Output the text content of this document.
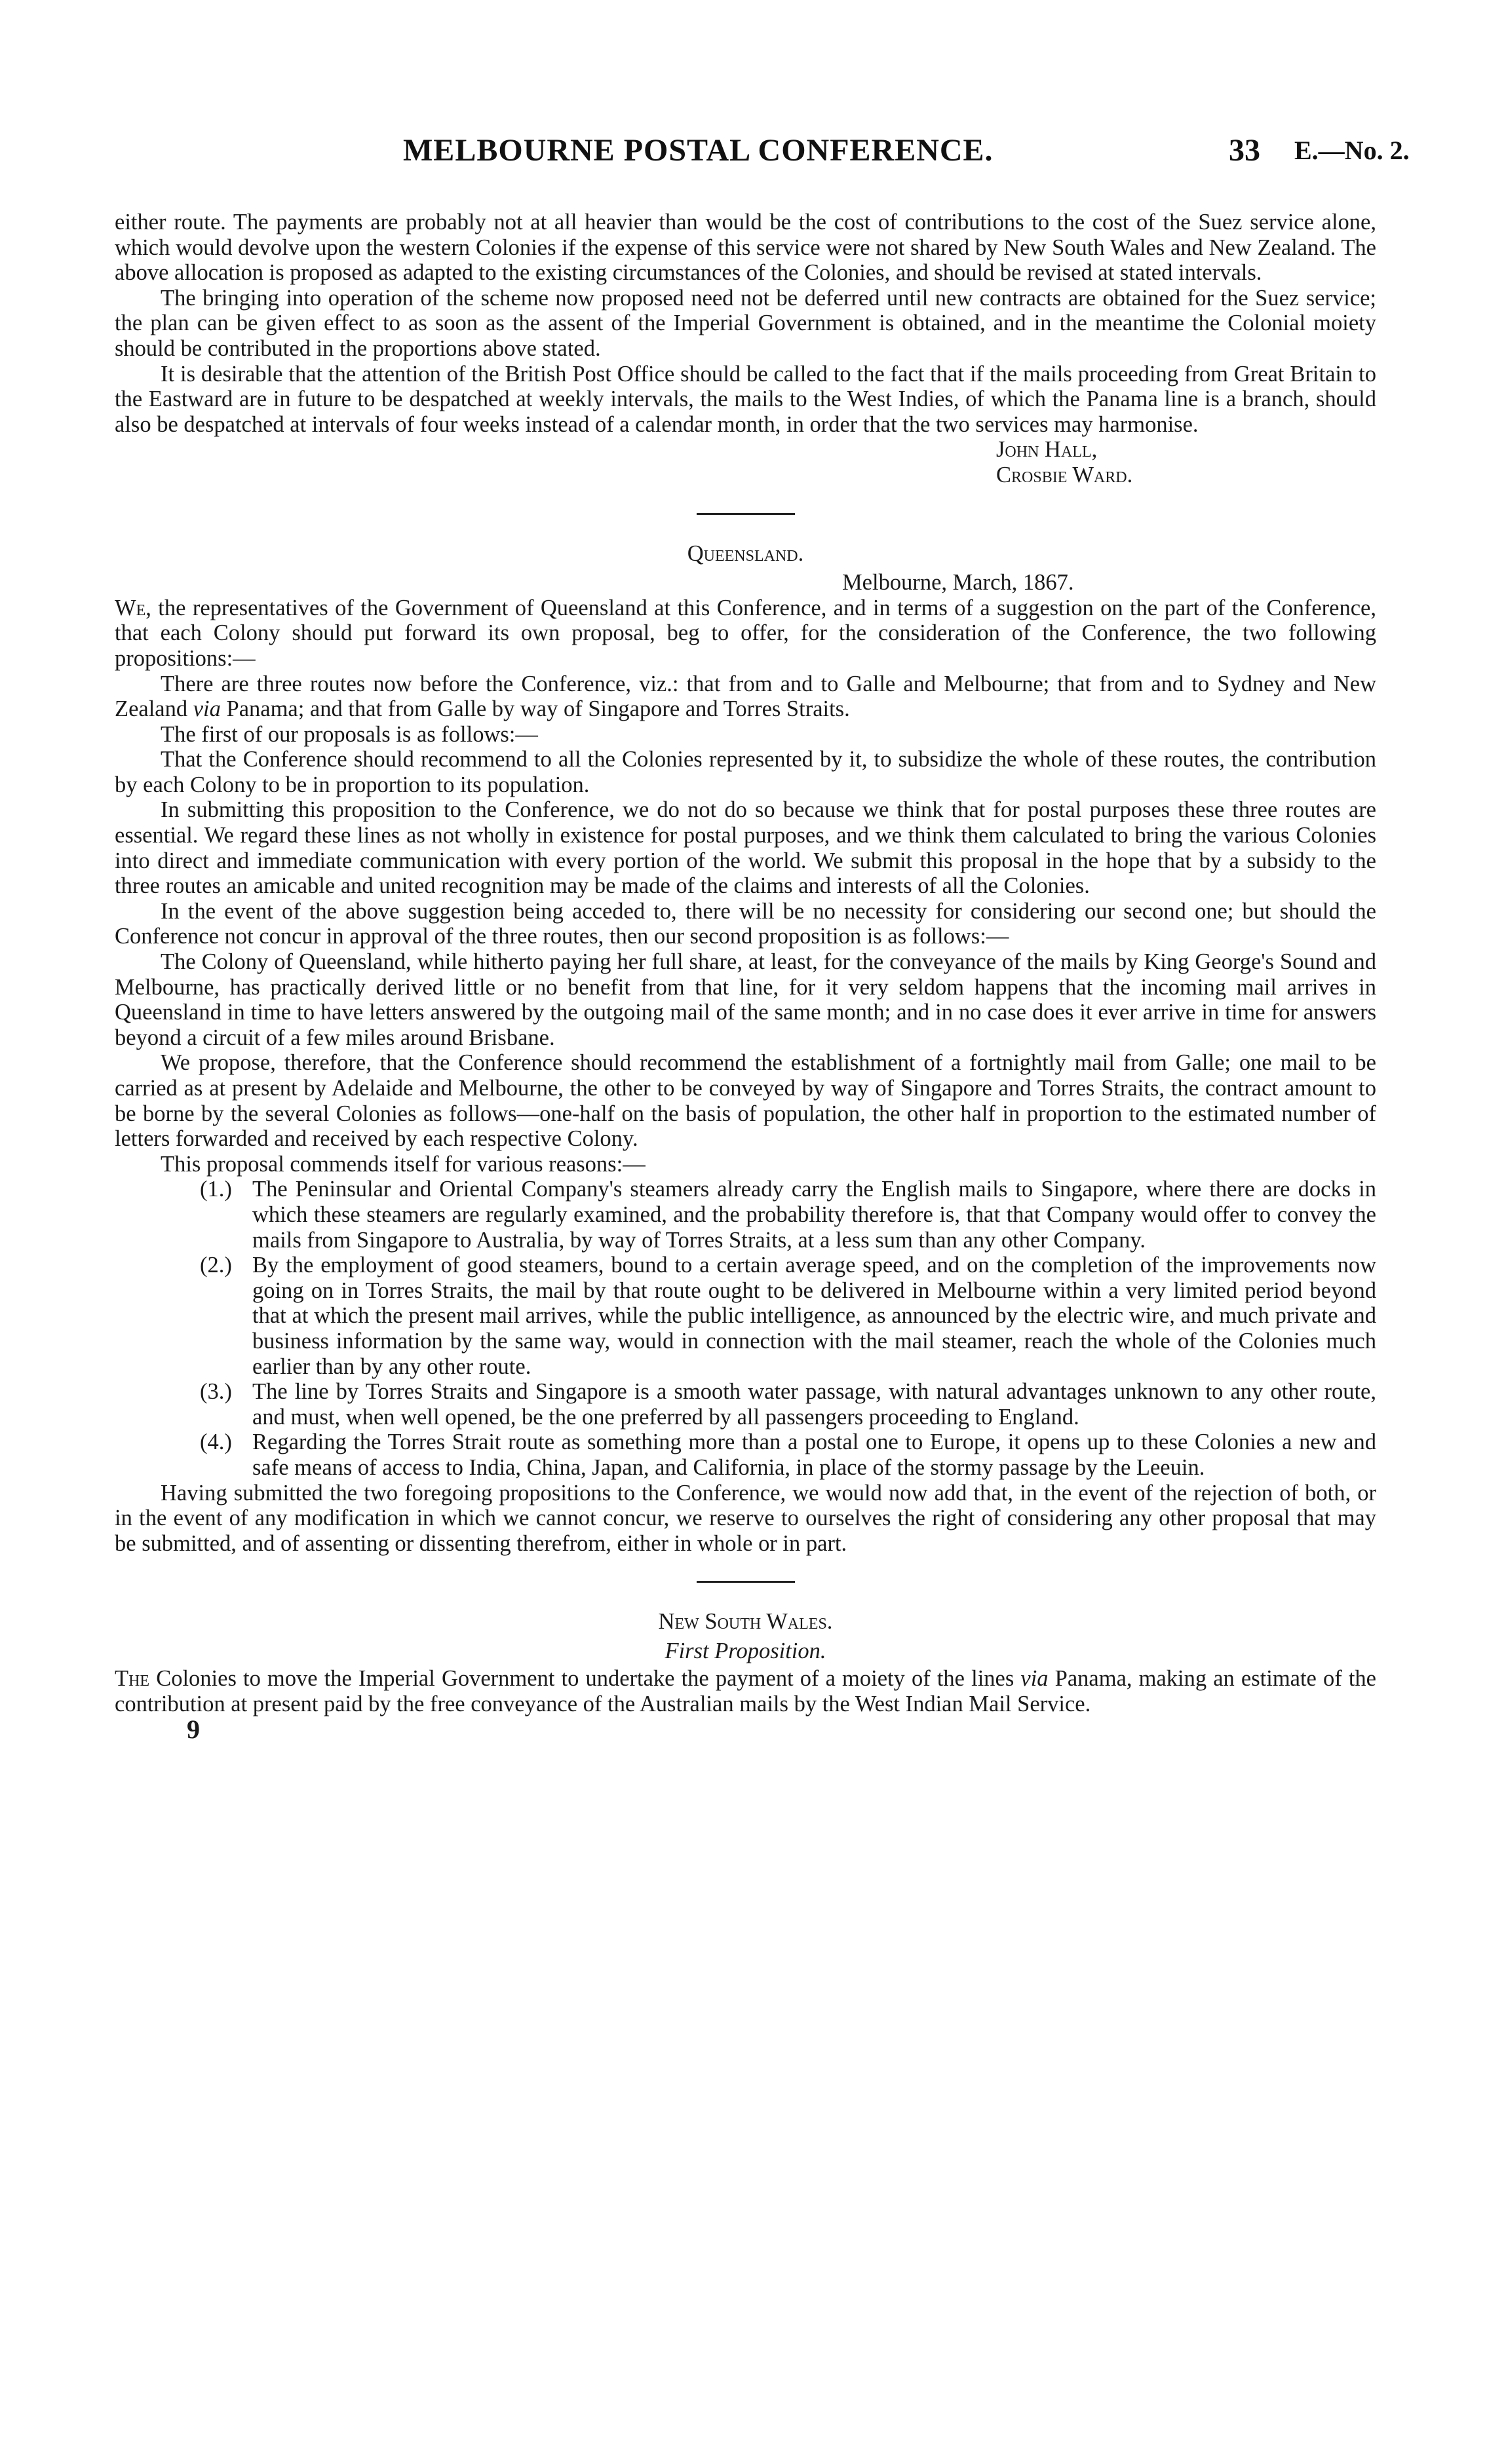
MELBOURNE POSTAL CONFERENCE.	33 E.—No. 2.

either route. The payments are probably not at all heavier than would be the cost of contributions to the cost of the Suez service alone, which would devolve upon the western Colonies if the expense of this service were not shared by New South Wales and New Zealand. The above allocation is proposed as adapted to the existing circumstances of the Colonies, and should be revised at stated intervals.

The bringing into operation of the scheme now proposed need not be deferred until new contracts are obtained for the Suez service; the plan can be given effect to as soon as the assent of the Imperial Government is obtained, and in the meantime the Colonial moiety should be contributed in the proportions above stated.

It is desirable that the attention of the British Post Office should be called to the fact that if the mails proceeding from Great Britain to the Eastward are in future to be despatched at weekly intervals, the mails to the West Indies, of which the Panama line is a branch, should also be despatched at intervals of four weeks instead of a calendar month, in order that the two services may harmonise.

John Hall,

Crosbie Ward.

Queensland.

Melbourne, March, 1867.

We, the representatives of the Government of Queensland at this Conference, and in terms of a suggestion on the part of the Conference, that each Colony should put forward its own proposal, beg to offer, for the consideration of the Conference, the two following propositions:—

There are three routes now before the Conference, viz.: that from and to Galle and Melbourne; that from and to Sydney and New Zealand via Panama; and that from Galle by way of Singapore and Torres Straits.

The first of our proposals is as follows:—

That the Conference should recommend to all the Colonies represented by it, to subsidize the whole of these routes, the contribution by each Colony to be in proportion to its population.

In submitting this proposition to the Conference, we do not do so because we think that for postal purposes these three routes are essential. We regard these lines as not wholly in existence for postal purposes, and we think them calculated to bring the various Colonies into direct and immediate communication with every portion of the world. We submit this proposal in the hope that by a subsidy to the three routes an amicable and united recognition may be made of the claims and interests of all the Colonies.

In the event of the above suggestion being acceded to, there will be no necessity for considering our second one; but should the Conference not concur in approval of the three routes, then our second proposition is as follows:—

The Colony of Queensland, while hitherto paying her full share, at least, for the conveyance of the mails by King George's Sound and Melbourne, has practically derived little or no benefit from that line, for it very seldom happens that the incoming mail arrives in Queensland in time to have letters answered by the outgoing mail of the same month; and in no case does it ever arrive in time for answers beyond a circuit of a few miles around Brisbane.

We propose, therefore, that the Conference should recommend the establishment of a fortnightly mail from Galle; one mail to be carried as at present by Adelaide and Melbourne, the other to be conveyed by way of Singapore and Torres Straits, the contract amount to be borne by the several Colonies as follows—one-half on the basis of population, the other half in proportion to the estimated number of letters forwarded and received by each respective Colony.

This proposal commends itself for various reasons:—

(1.) The Peninsular and Oriental Company's steamers already carry the English mails to Singapore, where there are docks in which these steamers are regularly examined, and the probability therefore is, that that Company would offer to convey the mails from Singapore to Australia, by way of Torres Straits, at a less sum than any other Company.
(2.) By the employment of good steamers, bound to a certain average speed, and on the completion of the improvements now going on in Torres Straits, the mail by that route ought to be delivered in Melbourne within a very limited period beyond that at which the present mail arrives, while the public intelligence, as announced by the electric wire, and much private and business information by the same way, would in connection with the mail steamer, reach the whole of the Colonies much earlier than by any other route.
(3.) The line by Torres Straits and Singapore is a smooth water passage, with natural advantages unknown to any other route, and must, when well opened, be the one preferred by all passengers proceeding to England.
(4.) Regarding the Torres Strait route as something more than a postal one to Europe, it opens up to these Colonies a new and safe means of access to India, China, Japan, and California, in place of the stormy passage by the Leeuin.

Having submitted the two foregoing propositions to the Conference, we would now add that, in the event of the rejection of both, or in the event of any modification in which we cannot concur, we reserve to ourselves the right of considering any other proposal that may be submitted, and of assenting or dissenting therefrom, either in whole or in part.

New South Wales.

First Proposition.

The Colonies to move the Imperial Government to undertake the payment of a moiety of the lines via Panama, making an estimate of the contribution at present paid by the free conveyance of the Australian mails by the West Indian Mail Service.

9
